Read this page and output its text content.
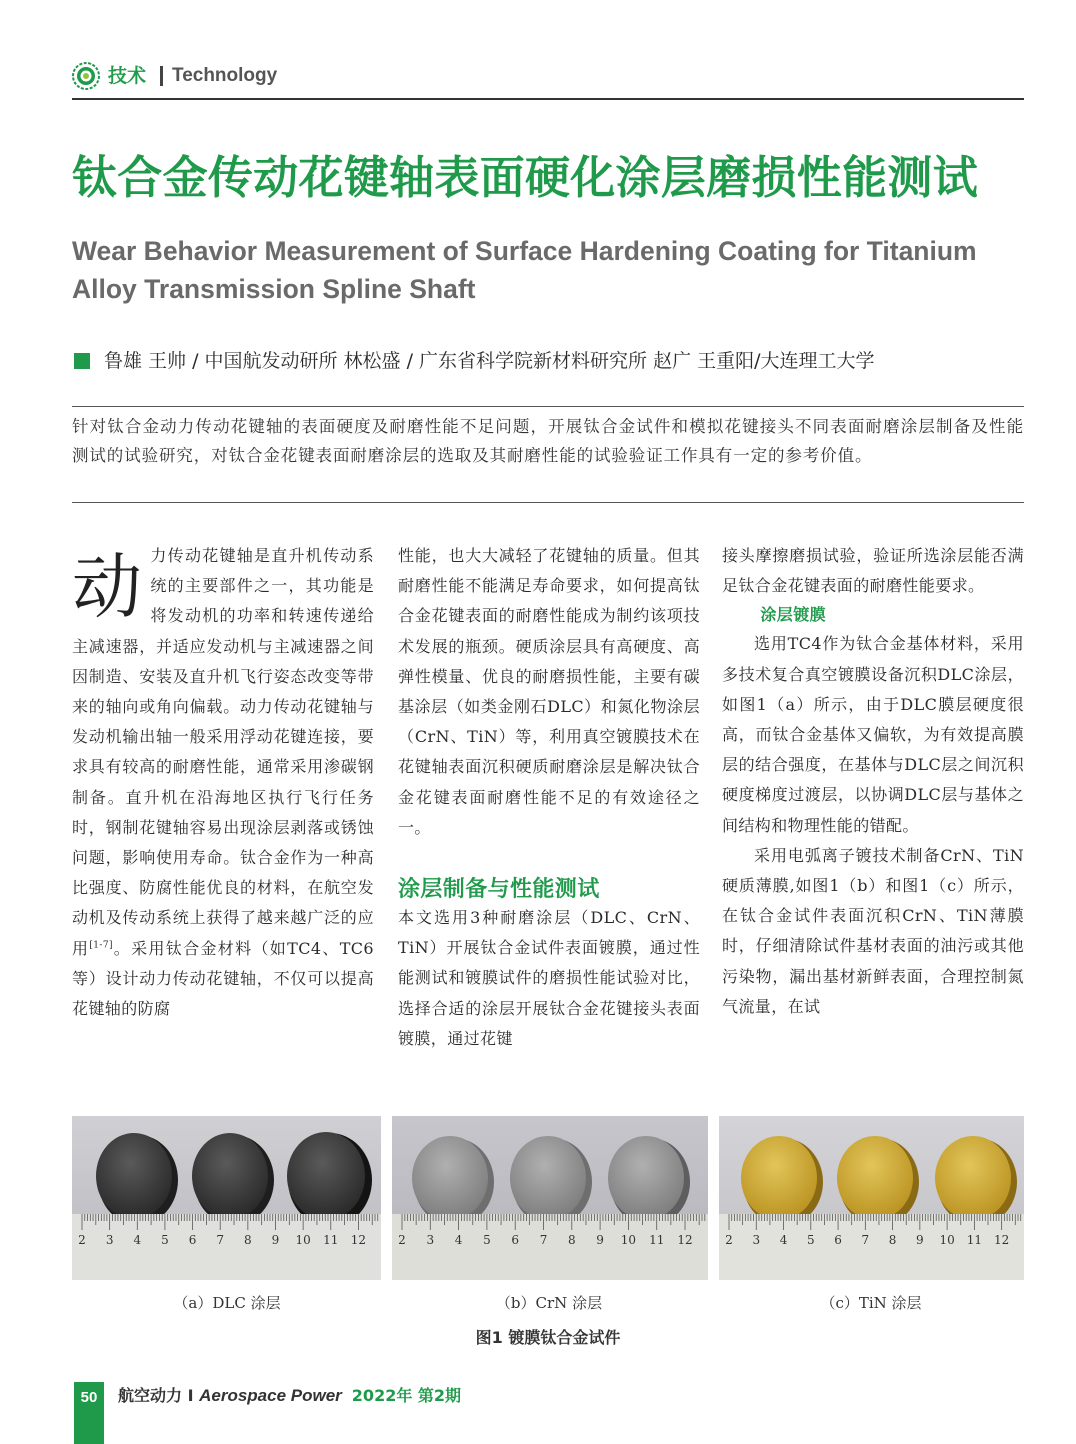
技术 Technology
钛合金传动花键轴表面硬化涂层磨损性能测试
Wear Behavior Measurement of Surface Hardening Coating for Titanium Alloy Transmission Spline Shaft
鲁雄 王帅 / 中国航发动研所 林松盛 / 广东省科学院新材料研究所 赵广 王重阳/大连理工大学
针对钛合金动力传动花键轴的表面硬度及耐磨性能不足问题，开展钛合金试件和模拟花键接头不同表面耐磨涂层制备及性能测试的试验研究，对钛合金花键表面耐磨涂层的选取及其耐磨性能的试验验证工作具有一定的参考价值。
动 力传动花键轴是直升机传动系统的主要部件之一，其功能是将发动机的功率和转速传递给主减速器，并适应发动机与主减速器之间因制造、安装及直升机飞行姿态改变等带来的轴向或角向偏载。动力传动花键轴与发动机输出轴一般采用浮动花键连接，要求具有较高的耐磨性能，通常采用渗碳钢制备。直升机在沿海地区执行飞行任务时，钢制花键轴容易出现涂层剥落或锈蚀问题，影响使用寿命。钛合金作为一种高比强度、防腐性能优良的材料，在航空发动机及传动系统上获得了越来越广泛的应用[1-7]。采用钛合金材料（如TC4、TC6等）设计动力传动花键轴，不仅可以提高花键轴的防腐

性能，也大大减轻了花键轴的质量。但其耐磨性能不能满足寿命要求，如何提高钛合金花键表面的耐磨性能成为制约该项技术发展的瓶颈。硬质涂层具有高硬度、高弹性模量、优良的耐磨损性能，主要有碳基涂层（如类金刚石DLC）和氮化物涂层（CrN、TiN）等，利用真空镀膜技术在花键轴表面沉积硬质耐磨涂层是解决钛合金花键表面耐磨性能不足的有效途径之一。

涂层制备与性能测试

本文选用3种耐磨涂层（DLC、CrN、TiN）开展钛合金试件表面镀膜，通过性能测试和镀膜试件的磨损性能试验对比，选择合适的涂层开展钛合金花键接头表面镀膜，通过花键

接头摩擦磨损试验，验证所选涂层能否满足钛合金花键表面的耐磨性能要求。

涂层镀膜

选用TC4作为钛合金基体材料，采用多技术复合真空镀膜设备沉积DLC涂层，如图1（a）所示，由于DLC膜层硬度很高，而钛合金基体又偏软，为有效提高膜层的结合强度，在基体与DLC层之间沉积硬度梯度过渡层，以协调DLC层与基体之间结构和物理性能的错配。

采用电弧离子镀技术制备CrN、TiN硬质薄膜,如图1（b）和图1（c）所示，在钛合金试件表面沉积CrN、TiN薄膜时，仔细清除试件基材表面的油污或其他污染物，漏出基材新鲜表面，合理控制氮气流量，在试

2 3 4 5 6 7 8 9 10 11 12	2 3 4 5 6 7 8 9 10 11 12	2 3 4 5 6 7 8 9 10 11 12
（a）DLC 涂层	（b）CrN 涂层	（c）TiN 涂层
图1 镀膜钛合金试件
50	航空动力 I Aerospace Power 2022年 第2期
